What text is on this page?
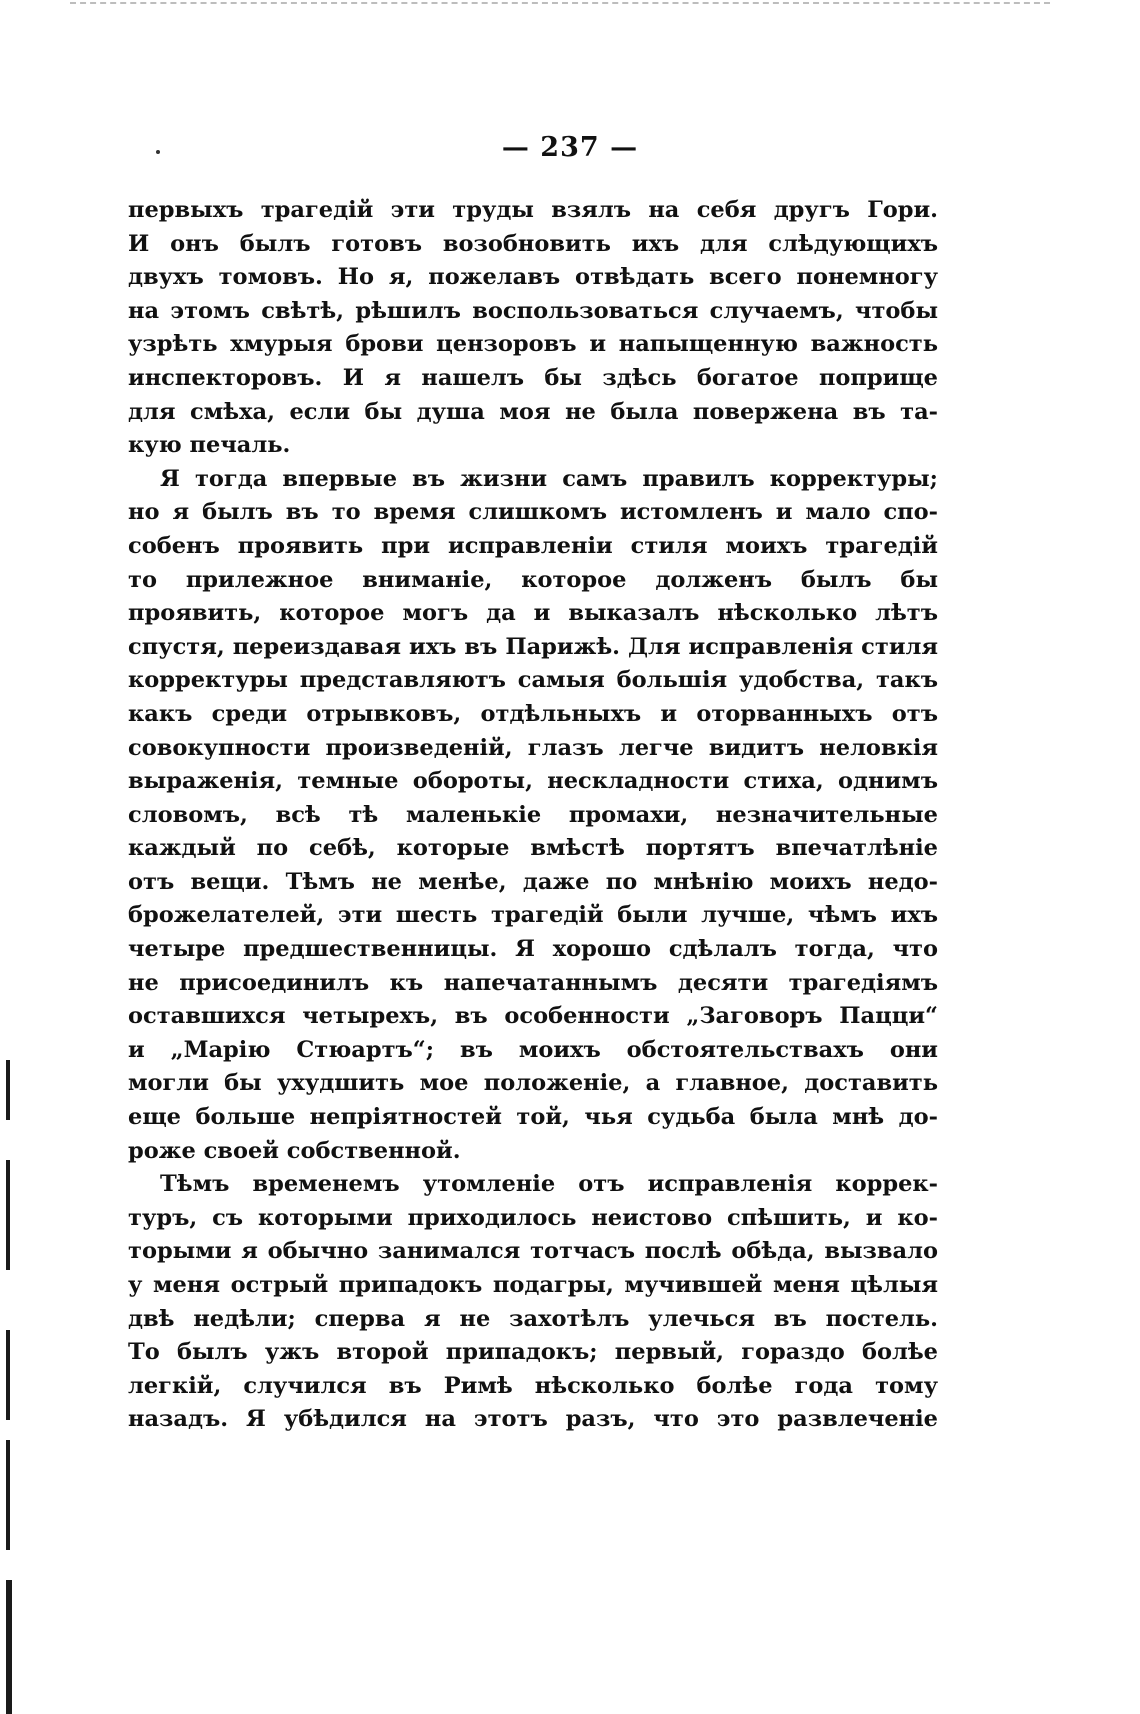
— 237 —
первыхъ трагедій эти труды взялъ на себя другъ Гори.
И онъ былъ готовъ возобновить ихъ для слѣдующихъ
двухъ томовъ. Но я, пожелавъ отвѣдать всего понемногу
на этомъ свѣтѣ, рѣшилъ воспользоваться случаемъ, чтобы
узрѣть хмурыя брови цензоровъ и напыщенную важность
инспекторовъ. И я нашелъ бы здѣсь богатое поприще
для смѣха, если бы душа моя не была повержена въ та-
кую печаль.
Я тогда впервые въ жизни самъ правилъ корректуры;
но я былъ въ то время слишкомъ истомленъ и мало спо-
собенъ проявить при исправленіи стиля моихъ трагедій
то прилежное вниманіе, которое долженъ былъ бы
проявить, которое могъ да и выказалъ нѣсколько лѣтъ
спустя, переиздавая ихъ въ Парижѣ. Для исправленія стиля
корректуры представляютъ самыя большія удобства, такъ
какъ среди отрывковъ, отдѣльныхъ и оторванныхъ отъ
совокупности произведеній, глазъ легче видитъ неловкія
выраженія, темные обороты, нескладности стиха, однимъ
словомъ, всѣ тѣ маленькіе промахи, незначительные
каждый по себѣ, которые вмѣстѣ портятъ впечатлѣніе
отъ вещи. Тѣмъ не менѣе, даже по мнѣнію моихъ недо-
брожелателей, эти шесть трагедій были лучше, чѣмъ ихъ
четыре предшественницы. Я хорошо сдѣлалъ тогда, что
не присоединилъ къ напечатаннымъ десяти трагедіямъ
оставшихся четырехъ, въ особенности „Заговоръ Пацци“
и „Марію Стюартъ“; въ моихъ обстоятельствахъ они
могли бы ухудшить мое положеніе, а главное, доставить
еще больше непріятностей той, чья судьба была мнѣ до-
роже своей собственной.
Тѣмъ временемъ утомленіе отъ исправленія коррек-
туръ, съ которыми приходилось неистово спѣшить, и ко-
торыми я обычно занимался тотчасъ послѣ обѣда, вызвало
у меня острый припадокъ подагры, мучившей меня цѣлыя
двѣ недѣли; сперва я не захотѣлъ улечься въ постель.
То былъ ужъ второй припадокъ; первый, гораздо болѣе
легкій, случился въ Римѣ нѣсколько болѣе года тому
назадъ. Я убѣдился на этотъ разъ, что это развлеченіе
